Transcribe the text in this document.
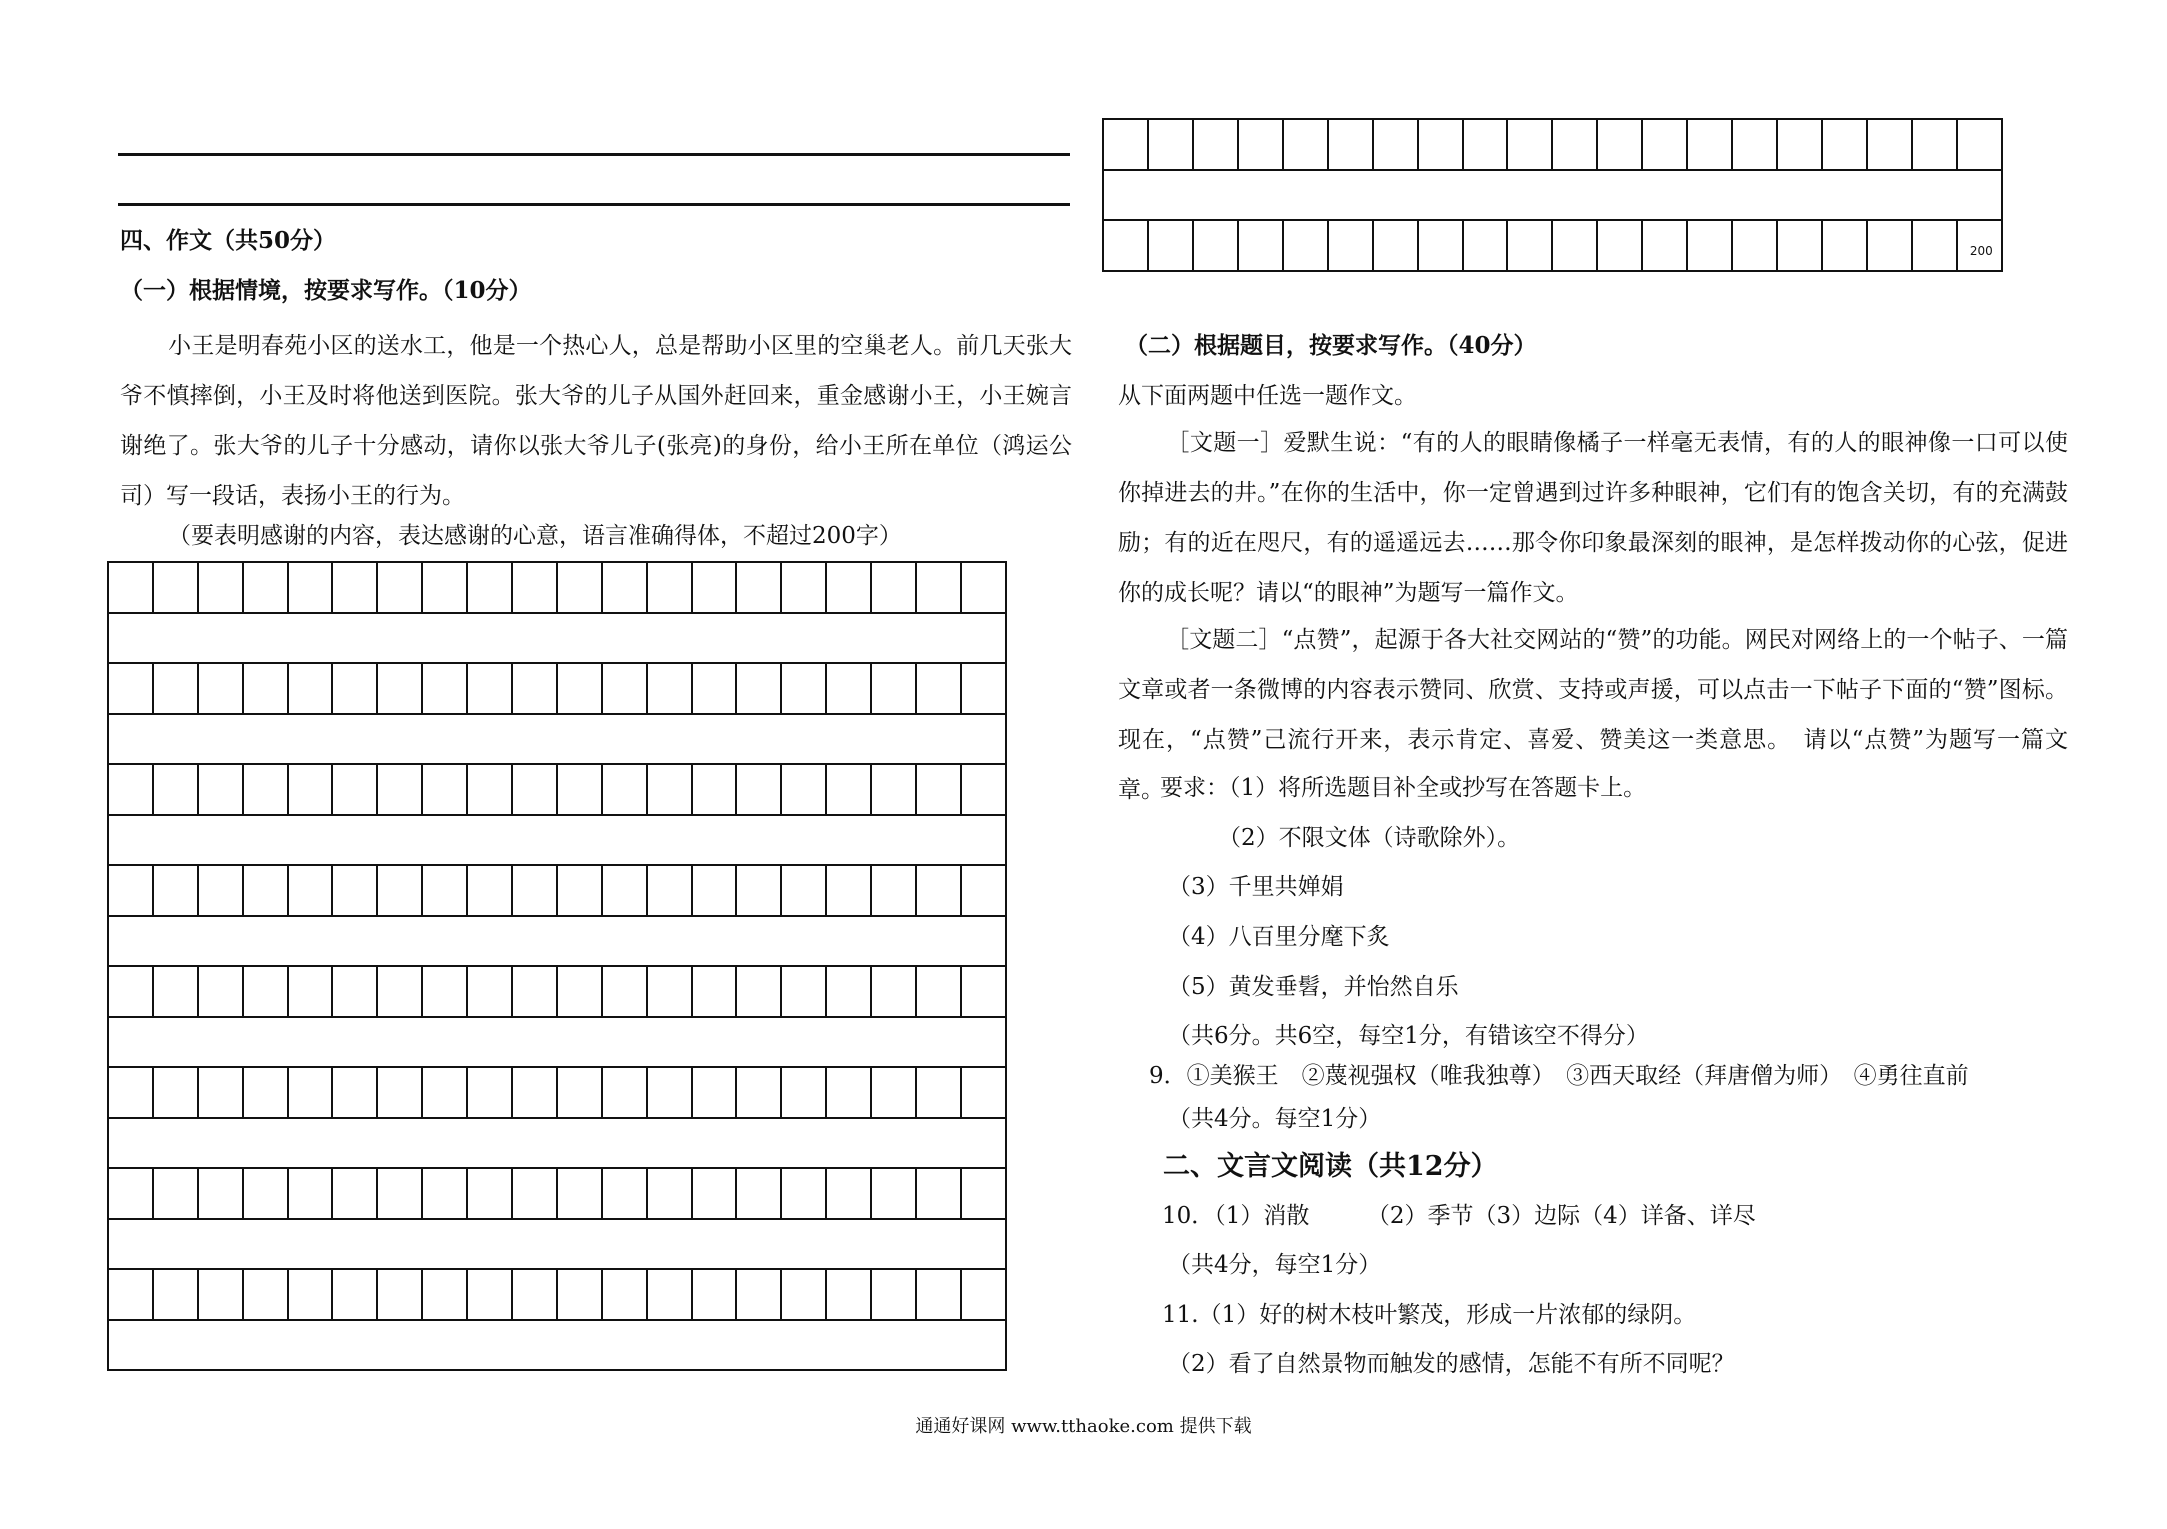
四、作文（共50分）
（一）根据情境，按要求写作。（10分）
小王是明春苑小区的送水工，他是一个热心人，总是帮助小区里的空巢老人。前几天张大爷不慎摔倒，小王及时将他送到医院。张大爷的儿子从国外赶回来，重金感谢小王，小王婉言谢绝了。张大爷的儿子十分感动，请你以张大爷儿子(张亮)的身份，给小王所在单位（鸿运公司）写一段话，表扬小王的行为。
（要表明感谢的内容，表达感谢的心意，语言准确得体，不超过200字）
200
（二）根据题目，按要求写作。（40分）
从下面两题中任选一题作文。
［文题一］爱默生说：“有的人的眼睛像橘子一样毫无表情，有的人的眼神像一口可以使你掉进去的井。”在你的生活中，你一定曾遇到过许多种眼神，它们有的饱含关切，有的充满鼓励；有的近在咫尺，有的遥遥远去……那令你印象最深刻的眼神，是怎样拨动你的心弦，促进你的成长呢？请以“的眼神”为题写一篇作文。
［文题二］“点赞”，起源于各大社交网站的“赞”的功能。网民对网络上的一个帖子、一篇文章或者一条微博的内容表示赞同、欣赏、支持或声援，可以点击一下帖子下面的“赞”图标。现在，“点赞”己流行开来，表示肯定、喜爱、赞美这一类意思。　请以“点赞”为题写一篇文章。
要求：（1）将所选题目补全或抄写在答题卡上。
（2）不限文体（诗歌除外）。
（3）千里共婵娟
（4）八百里分麾下炙
（5）黄发垂髫，并怡然自乐
（共6分。共6空，每空1分，有错该空不得分）
9．①美猴王　②蔑视强权（唯我独尊）　③西天取经（拜唐僧为师）　④勇往直前
（共4分。每空1分）
二、文言文阅读（共12分）
10．（1）消散　　　（2）季节（3）边际（4）详备、详尽
（共4分，每空1分）
11.（1）好的树木枝叶繁茂，形成一片浓郁的绿阴。
（2）看了自然景物而触发的感情，怎能不有所不同呢？
通通好课网 www.tthaoke.com 提供下载
